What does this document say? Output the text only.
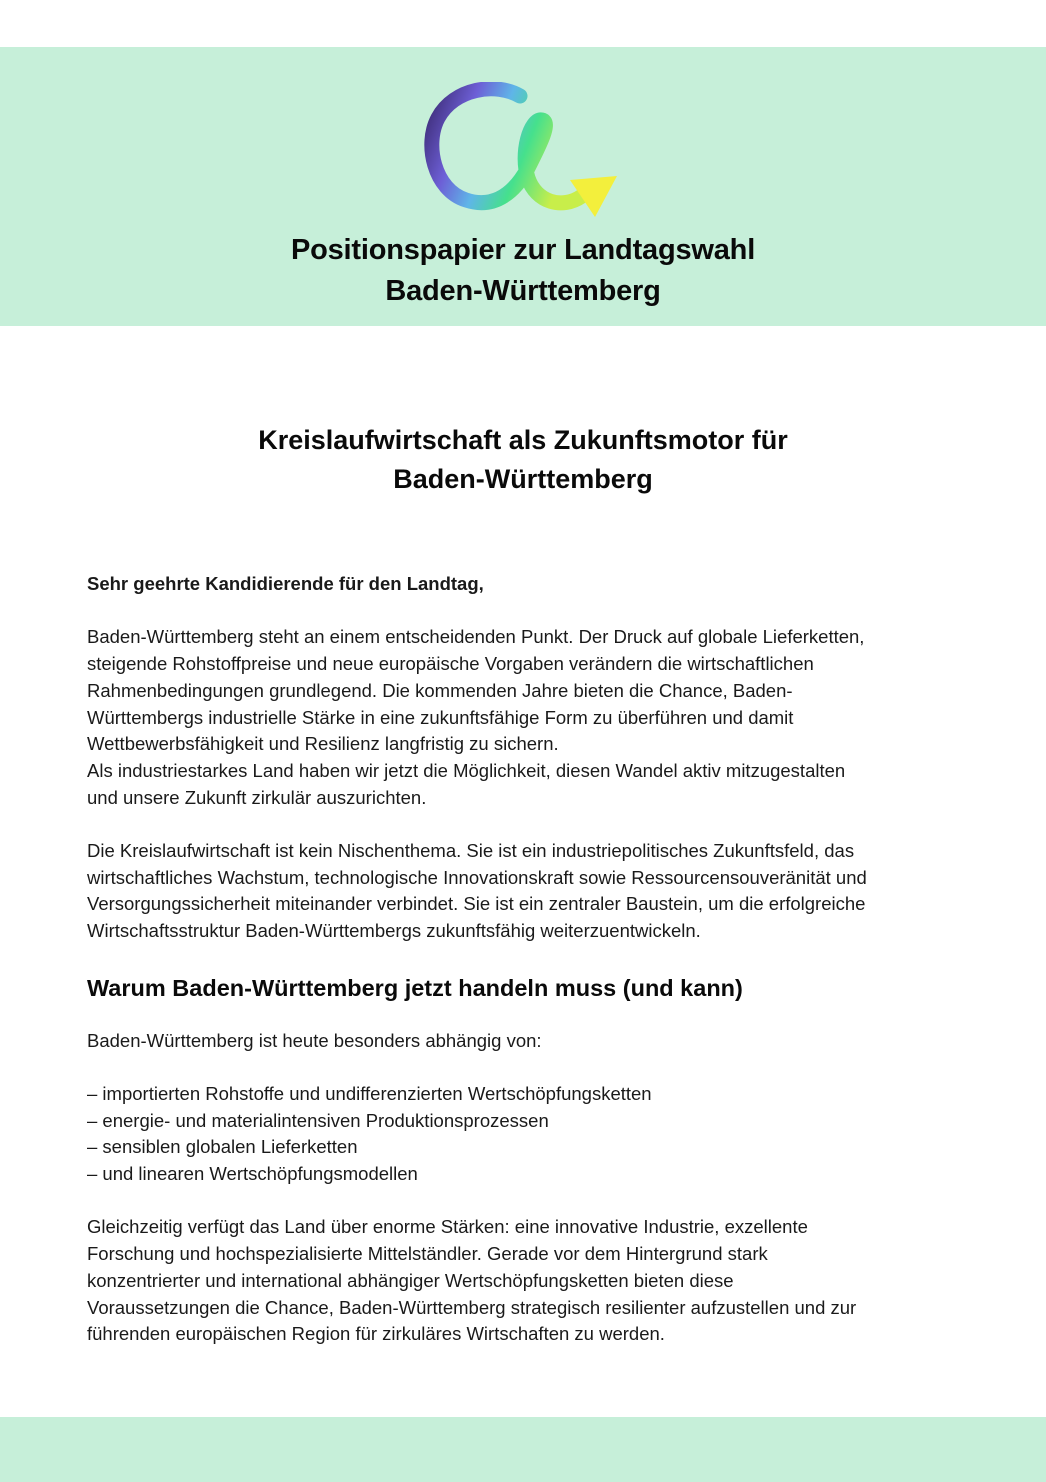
Positionspapier zur Landtagswahl
Baden-Württemberg
Kreislaufwirtschaft als Zukunftsmotor für
Baden-Württemberg
Sehr geehrte Kandidierende für den Landtag,

Baden-Württemberg steht an einem entscheidenden Punkt. Der Druck auf globale Lieferketten,
steigende Rohstoffpreise und neue europäische Vorgaben verändern die wirtschaftlichen
Rahmenbedingungen grundlegend. Die kommenden Jahre bieten die Chance, Baden-
Württembergs industrielle Stärke in eine zukunftsfähige Form zu überführen und damit
Wettbewerbsfähigkeit und Resilienz langfristig zu sichern.
Als industriestarkes Land haben wir jetzt die Möglichkeit, diesen Wandel aktiv mitzugestalten
und unsere Zukunft zirkulär auszurichten.

Die Kreislaufwirtschaft ist kein Nischenthema. Sie ist ein industriepolitisches Zukunftsfeld, das
wirtschaftliches Wachstum, technologische Innovationskraft sowie Ressourcensouveränität und
Versorgungssicherheit miteinander verbindet. Sie ist ein zentraler Baustein, um die erfolgreiche
Wirtschaftsstruktur Baden-Württembergs zukunftsfähig weiterzuentwickeln.

Warum Baden-Württemberg jetzt handeln muss (und kann)

Baden-Württemberg ist heute besonders abhängig von:

– importierten Rohstoffe und undifferenzierten Wertschöpfungsketten
– energie- und materialintensiven Produktionsprozessen
– sensiblen globalen Lieferketten
– und linearen Wertschöpfungsmodellen

Gleichzeitig verfügt das Land über enorme Stärken: eine innovative Industrie, exzellente
Forschung und hochspezialisierte Mittelständler. Gerade vor dem Hintergrund stark
konzentrierter und international abhängiger Wertschöpfungsketten bieten diese
Voraussetzungen die Chance, Baden-Württemberg strategisch resilienter aufzustellen und zur
führenden europäischen Region für zirkuläres Wirtschaften zu werden.
